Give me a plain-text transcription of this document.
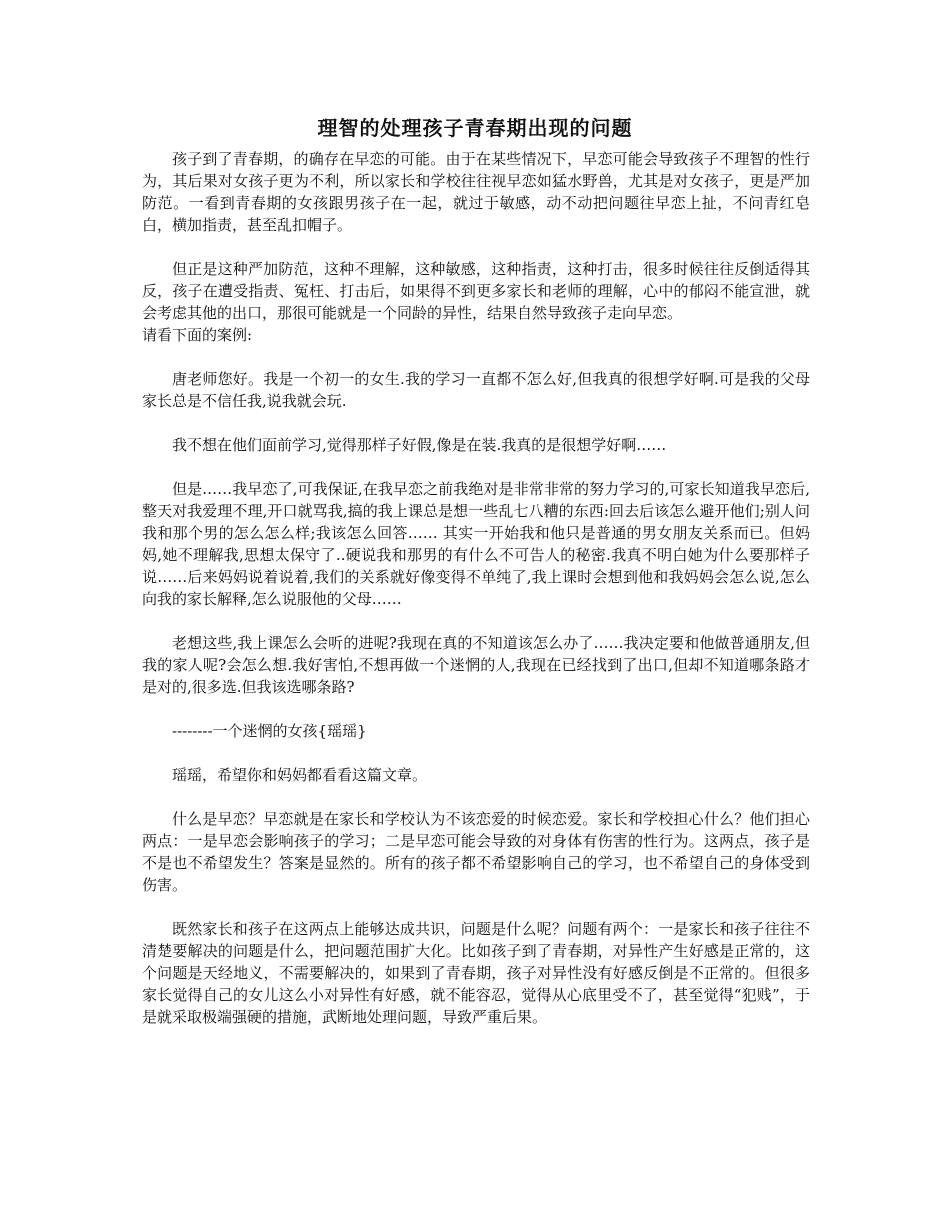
理智的处理孩子青春期出现的问题

孩子到了青春期，的确存在早恋的可能。由于在某些情况下，早恋可能会导致孩子不理智的性行为，其后果对女孩子更为不利，所以家长和学校往往视早恋如猛水野兽，尤其是对女孩子，更是严加防范。一看到青春期的女孩跟男孩子在一起，就过于敏感，动不动把问题往早恋上扯，不问青红皂白，横加指责，甚至乱扣帽子。

但正是这种严加防范，这种不理解，这种敏感，这种指责，这种打击，很多时候往往反倒适得其反，孩子在遭受指责、冤枉、打击后，如果得不到更多家长和老师的理解，心中的郁闷不能宣泄，就会考虑其他的出口，那很可能就是一个同龄的异性，结果自然导致孩子走向早恋。

请看下面的案例:

唐老师您好。我是一个初一的女生.我的学习一直都不怎么好,但我真的很想学好啊.可是我的父母家长总是不信任我,说我就会玩.

我不想在他们面前学习,觉得那样子好假,像是在装.我真的是很想学好啊……

但是……我早恋了,可我保证,在我早恋之前我绝对是非常非常的努力学习的,可家长知道我早恋后,整天对我爱理不理,开口就骂我,搞的我上课总是想一些乱七八糟的东西:回去后该怎么避开他们;别人问我和那个男的怎么怎么样;我该怎么回答…… 其实一开始我和他只是普通的男女朋友关系而已。但妈妈,她不理解我,思想太保守了..硬说我和那男的有什么不可告人的秘密.我真不明白她为什么要那样子说……后来妈妈说着说着,我们的关系就好像变得不单纯了,我上课时会想到他和我妈妈会怎么说,怎么向我的家长解释,怎么说服他的父母……

老想这些,我上课怎么会听的进呢?我现在真的不知道该怎么办了……我决定要和他做普通朋友,但我的家人呢?会怎么想.我好害怕,不想再做一个迷惘的人,我现在已经找到了出口,但却不知道哪条路才是对的,很多选.但我该选哪条路?

--------一个迷惘的女孩{瑶瑶}

瑶瑶，希望你和妈妈都看看这篇文章。

什么是早恋？早恋就是在家长和学校认为不该恋爱的时候恋爱。家长和学校担心什么？他们担心两点：一是早恋会影响孩子的学习；二是早恋可能会导致的对身体有伤害的性行为。这两点，孩子是不是也不希望发生？答案是显然的。所有的孩子都不希望影响自己的学习，也不希望自己的身体受到伤害。

既然家长和孩子在这两点上能够达成共识，问题是什么呢？问题有两个：一是家长和孩子往往不清楚要解决的问题是什么，把问题范围扩大化。比如孩子到了青春期，对异性产生好感是正常的，这个问题是天经地义，不需要解决的，如果到了青春期，孩子对异性没有好感反倒是不正常的。但很多家长觉得自己的女儿这么小对异性有好感，就不能容忍，觉得从心底里受不了，甚至觉得“犯贱”，于是就采取极端强硬的措施，武断地处理问题，导致严重后果。
